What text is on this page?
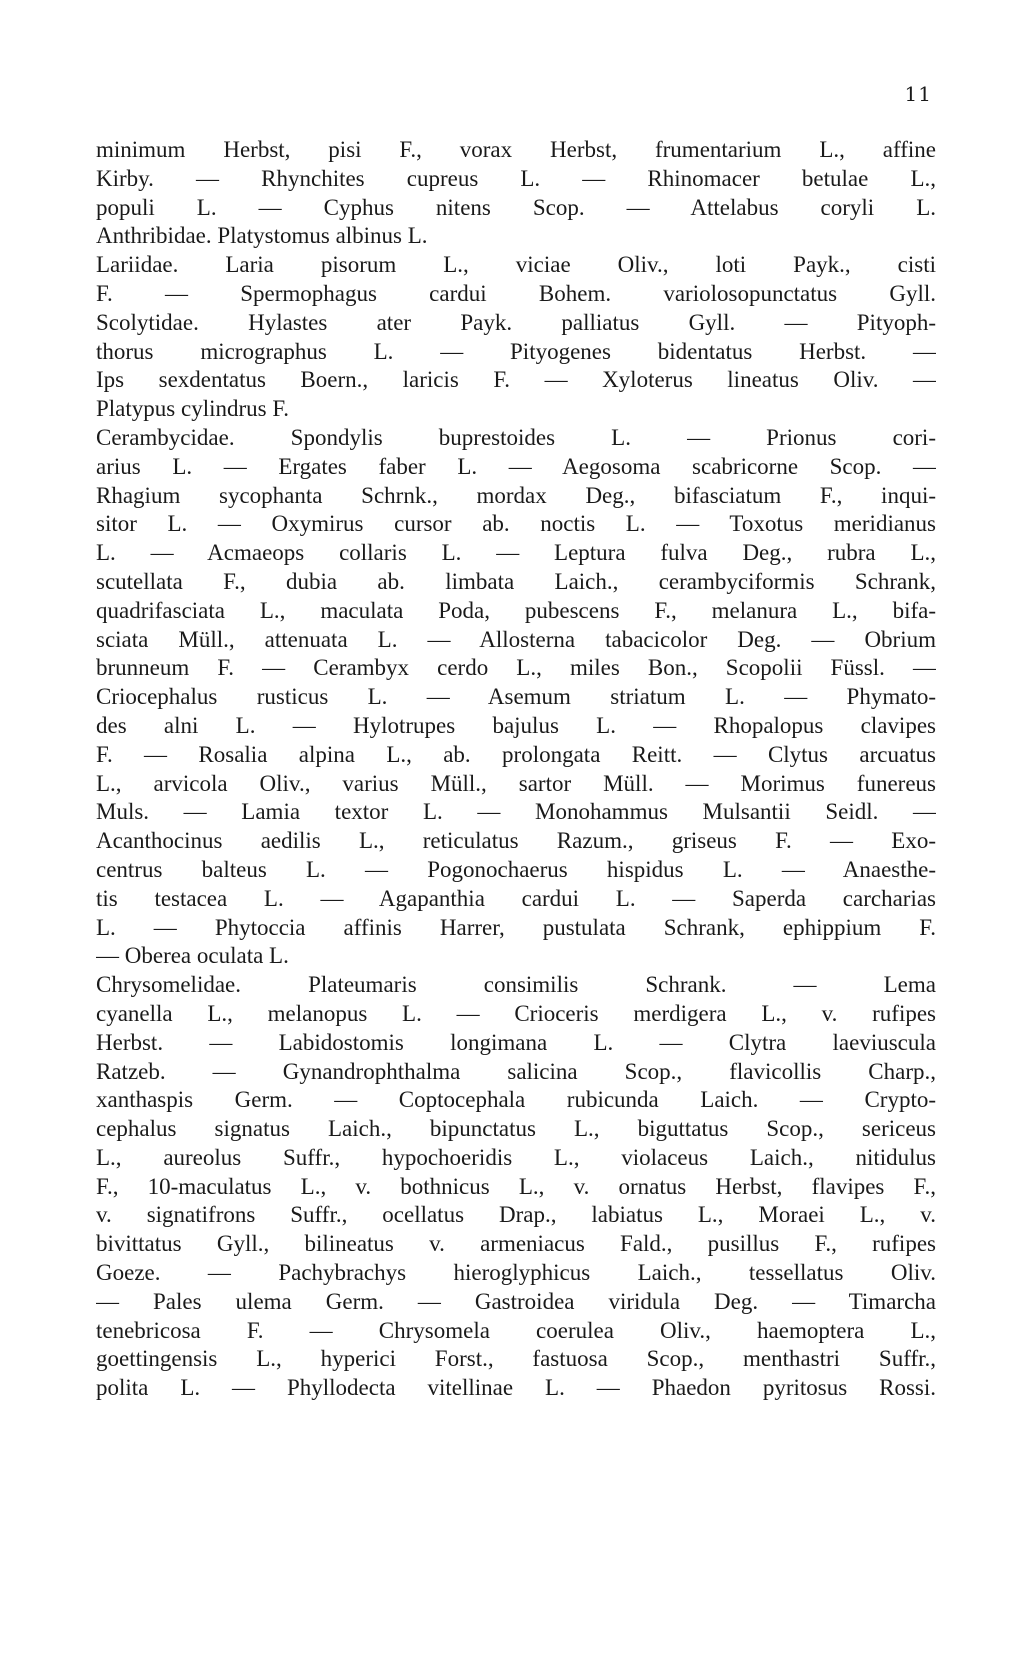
11
minimum Herbst, pisi F., vorax Herbst, frumentarium L., affine
Kirby. — Rhynchites cupreus L. — Rhinomacer betulae L.,
populi L. — Cyphus nitens Scop. — Attelabus coryli L.
Anthribidae. Platystomus albinus L.
Lariidae. Laria pisorum L., viciae Oliv., loti Payk., cisti
F. — Spermophagus cardui Bohem. variolosopunctatus Gyll.
Scolytidae. Hylastes ater Payk. palliatus Gyll. — Pityoph-
thorus micrographus L. — Pityogenes bidentatus Herbst. —
Ips sexdentatus Boern., laricis F. — Xyloterus lineatus Oliv. —
Platypus cylindrus F.
Cerambycidae. Spondylis buprestoides L. — Prionus cori-
arius L. — Ergates faber L. — Aegosoma scabricorne Scop. —
Rhagium sycophanta Schrnk., mordax Deg., bifasciatum F., inqui-
sitor L. — Oxymirus cursor ab. noctis L. — Toxotus meridianus
L. — Acmaeops collaris L. — Leptura fulva Deg., rubra L.,
scutellata F., dubia ab. limbata Laich., cerambyciformis Schrank,
quadrifasciata L., maculata Poda, pubescens F., melanura L., bifa-
sciata Müll., attenuata L. — Allosterna tabacicolor Deg. — Obrium
brunneum F. — Cerambyx cerdo L., miles Bon., Scopolii Füssl. —
Criocephalus rusticus L. — Asemum striatum L. — Phymato-
des alni L. — Hylotrupes bajulus L. — Rhopalopus clavipes
F. — Rosalia alpina L., ab. prolongata Reitt. — Clytus arcuatus
L., arvicola Oliv., varius Müll., sartor Müll. — Morimus funereus
Muls. — Lamia textor L. — Monohammus Mulsantii Seidl. —
Acanthocinus aedilis L., reticulatus Razum., griseus F. — Exo-
centrus balteus L. — Pogonochaerus hispidus L. — Anaesthe-
tis testacea L. — Agapanthia cardui L. — Saperda carcharias
L. — Phytoccia affinis Harrer, pustulata Schrank, ephippium F.
— Oberea oculata L.
Chrysomelidae. Plateumaris consimilis Schrank. — Lema
cyanella L., melanopus L. — Crioceris merdigera L., v. rufipes
Herbst. — Labidostomis longimana L. — Clytra laeviuscula
Ratzeb. — Gynandrophthalma salicina Scop., flavicollis Charp.,
xanthaspis Germ. — Coptocephala rubicunda Laich. — Crypto-
cephalus signatus Laich., bipunctatus L., biguttatus Scop., sericeus
L., aureolus Suffr., hypochoeridis L., violaceus Laich., nitidulus
F., 10-maculatus L., v. bothnicus L., v. ornatus Herbst, flavipes F.,
v. signatifrons Suffr., ocellatus Drap., labiatus L., Moraei L., v.
bivittatus Gyll., bilineatus v. armeniacus Fald., pusillus F., rufipes
Goeze. — Pachybrachys hieroglyphicus Laich., tessellatus Oliv.
— Pales ulema Germ. — Gastroidea viridula Deg. — Timarcha
tenebricosa F. — Chrysomela coerulea Oliv., haemoptera L.,
goettingensis L., hyperici Forst., fastuosa Scop., menthastri Suffr.,
polita L. — Phyllodecta vitellinae L. — Phaedon pyritosus Rossi.
